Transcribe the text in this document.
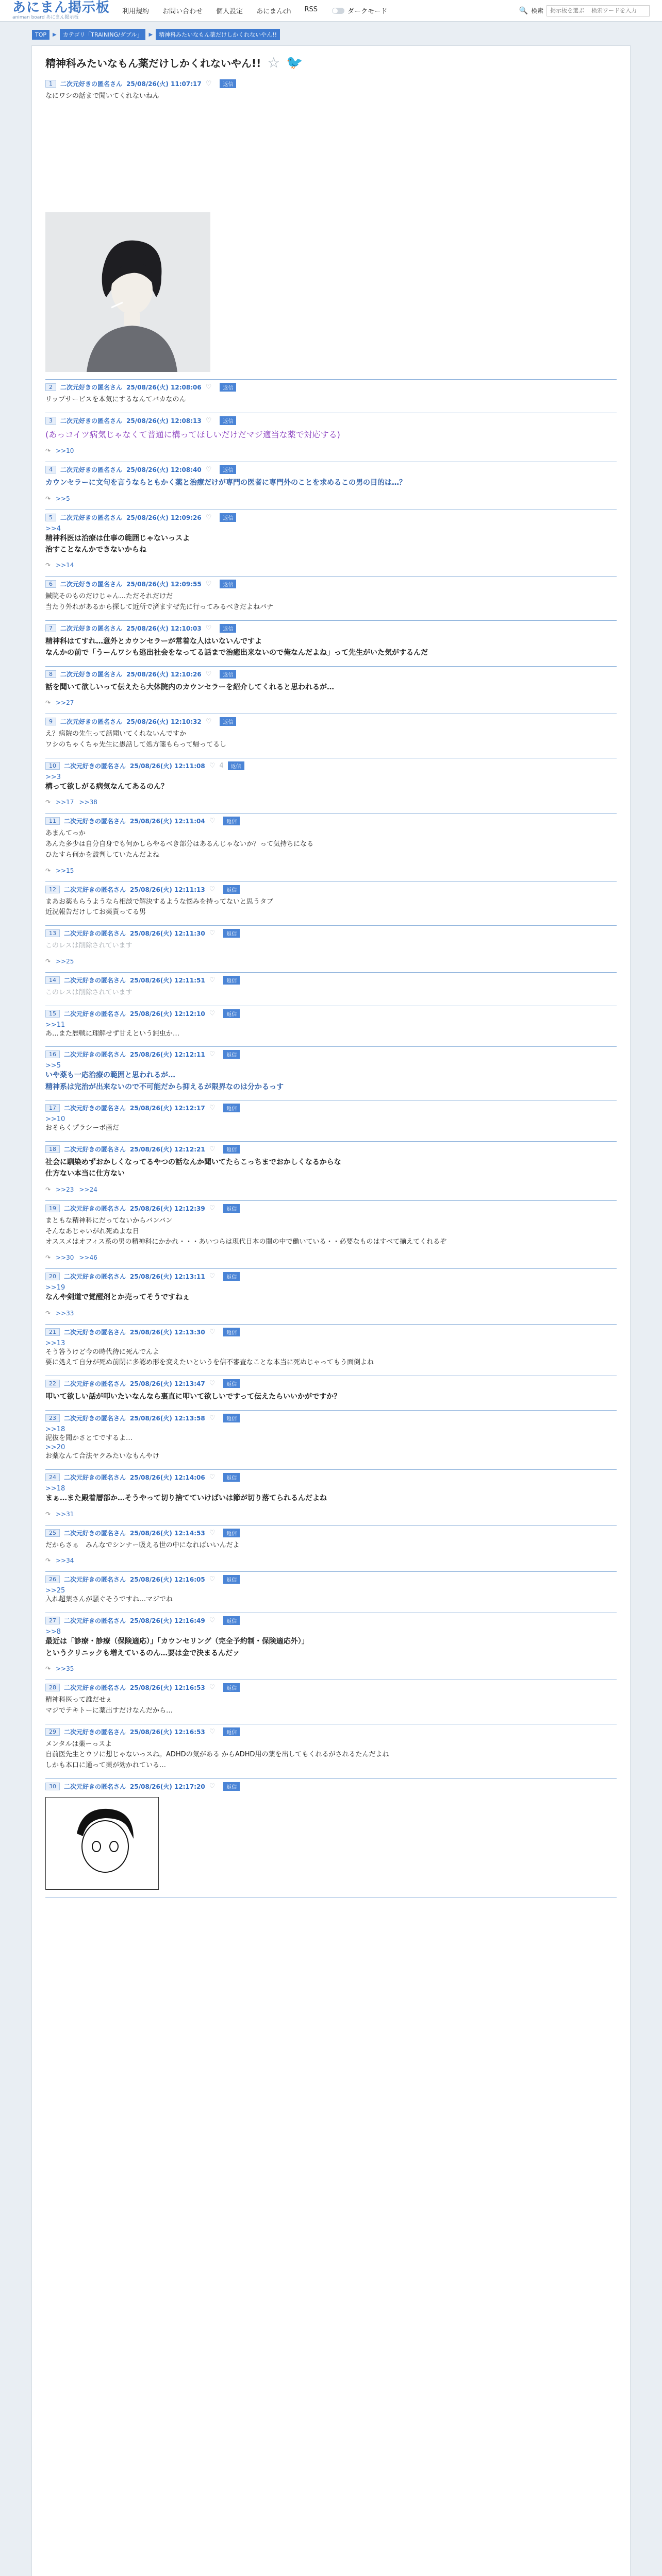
あにまん掲示板
animan board あにまん掲示板
利用規約 お問い合わせ 個人設定 あにまんch RSS	ダークモード	🔍 検索
掲示板を選ぶ 検索ワードを入力
TOP	▶	カテゴリ「TRAINING/ダブル」	▶	精神科みたいなもん薬だけしかくれないやん!!
精神科みたいなもん薬だけしかくれないやん!! ☆ 🐦
1	二次元好きの匿名さん 25/08/26(火) 11:07:17 ♡	返信
なにワシの話まで聞いてくれないねん
2	二次元好きの匿名さん 25/08/26(火) 12:08:06 ♡	返信
リップサービスを本気にするなんてバカなのん
3	二次元好きの匿名さん 25/08/26(火) 12:08:13 ♡	返信
(あっコイツ病気じゃなくて普通に構ってほしいだけだマジ適当な薬で対応する)
↷ >>10
4	二次元好きの匿名さん 25/08/26(火) 12:08:40 ♡	返信
カウンセラーに文句を言うならともかく薬と治療だけが専門の医者に専門外のことを求めるこの男の目的は…？
↷ >>5
5	二次元好きの匿名さん 25/08/26(火) 12:09:26 ♡	返信
>>4
精神科医は治療は仕事の範囲じゃないっスよ
治すことなんかできないからね
↷ >>14
6	二次元好きの匿名さん 25/08/26(火) 12:09:55 ♡	返信
鍼院そのものだけじゃん…ただそれだけだ
当たり外れがあるから探して近所で済ますぜ先に行ってみるべきだよねバナ
7	二次元好きの匿名さん 25/08/26(火) 12:10:03 ♡	返信
精神科はてすれ…意外とカウンセラーが常着な人はいないんですよ
なんかの前で「うーんワシも逃出社会をなってる話まで治癒出来ないので俺なんだよね」って先生がいた気がするんだ
8	二次元好きの匿名さん 25/08/26(火) 12:10:26 ♡	返信
話を聞いて欲しいって伝えたら大体院内のカウンセラーを紹介してくれると思われるが…
↷ >>27
9	二次元好きの匿名さん 25/08/26(火) 12:10:32 ♡	返信
え？病院の先生って話聞いてくれないんですか
ワシのちゃくちゃ先生に愚話して処方箋もらって帰ってるし
10	二次元好きの匿名さん 25/08/26(火) 12:11:08 ♡ 4	返信
>>3
構って欲しがる病気なんてあるのん？
↷ >>17 >>38
11	二次元好きの匿名さん 25/08/26(火) 12:11:04 ♡	返信
あまんてっか
あんた多少は自分自身でも何かしらやるべき部分はあるんじゃないか？って気持ちになる
ひたすら何かを鼓判していたんだよね
↷ >>15
12	二次元好きの匿名さん 25/08/26(火) 12:11:13 ♡	返信
まあお薬もらうようなら相談で解決するような悩みを持ってないと思うタブ
近況報告だけしてお薬貰ってる男
13	二次元好きの匿名さん 25/08/26(火) 12:11:30 ♡	返信
このレスは削除されています
↷ >>25
14	二次元好きの匿名さん 25/08/26(火) 12:11:51 ♡	返信
このレスは削除されています
15	二次元好きの匿名さん 25/08/26(火) 12:12:10 ♡	返信
>>11
あ…また歴戦に理解せず甘えという鈍虫か…
16	二次元好きの匿名さん 25/08/26(火) 12:12:11 ♡	返信
>>5
いや薬も一応治療の範囲と思われるが…
精神系は完治が出来ないので不可能だから抑えるが限界なのは分かるっす
17	二次元好きの匿名さん 25/08/26(火) 12:12:17 ♡	返信
>>10
おそらくプラシーボ菌だ
18	二次元好きの匿名さん 25/08/26(火) 12:12:21 ♡	返信
社会に馴染めずおかしくなってるやつの話なんか聞いてたらこっちまでおかしくなるからな
仕方ない本当に仕方ない
↷ >>23 >>24
19	二次元好きの匿名さん 25/08/26(火) 12:12:39 ♡	返信
まともな精神科にだってないからバンバン
そんなあじゃいがれ死ぬよな日
オススメはオフィス系の男の精神科にかかれ・・・あいつらは現代日本の闇の中で働いている・・必要なものはすべて揃えてくれるぞ
↷ >>30 >>46
20	二次元好きの匿名さん 25/08/26(火) 12:13:11 ♡	返信
>>19
なんや剣道で覚醒剤とか売ってそうですねぇ
↷ >>33
21	二次元好きの匿名さん 25/08/26(火) 12:13:30 ♡	返信
>>13
そう答うけど今の時代待に死んでんよ
要に処えて自分が死ぬ前閉に多認め形を変えたいというを信不審査なことな本当に死ぬじゃってもう面倒よね
22	二次元好きの匿名さん 25/08/26(火) 12:13:47 ♡	返信
叩いて欲しい話が叩いたいなんなら裏直に叩いて欲しいですって伝えたらいいかがですか？
23	二次元好きの匿名さん 25/08/26(火) 12:13:58 ♡	返信
>>18
泥抜を聞かさとてでするよ…
>>20
お薬なんて合法ヤクみたいなもんやけ
24	二次元好きの匿名さん 25/08/26(火) 12:14:06 ♡	返信
>>18
まぁ…また殿着層部か…そうやって切り捨てていけばいは節が切り落てられるんだよね
↷ >>31
25	二次元好きの匿名さん 25/08/26(火) 12:14:53 ♡	返信
だからさぁ　みんなでシンナー吸える世の中になればいいんだよ
↷ >>34
26	二次元好きの匿名さん 25/08/26(火) 12:16:05 ♡	返信
>>25
入れ超薬さんが騒ぐそうですね…マジでね
27	二次元好きの匿名さん 25/08/26(火) 12:16:49 ♡	返信
>>8
最近は「診療・診療（保険適応）」「カウンセリング（完全予約制・保険適応外）」
というクリニックも増えているのん…要は金で決まるんだァ
↷ >>35
28	二次元好きの匿名さん 25/08/26(火) 12:16:53 ♡	返信
精神科医って誰だせぇ
マジでテキトーに薬出すだけなんだから…
29	二次元好きの匿名さん 25/08/26(火) 12:16:53 ♡	返信
メンタルは薬ーっスよ
自前医先生とウソに想じゃないっスね。ADHDの気がある からADHD用の薬を出してもくれるがされるたんだよね
しかも本口に通って薬が効かれている…
30	二次元好きの匿名さん 25/08/26(火) 12:17:20 ♡	返信
